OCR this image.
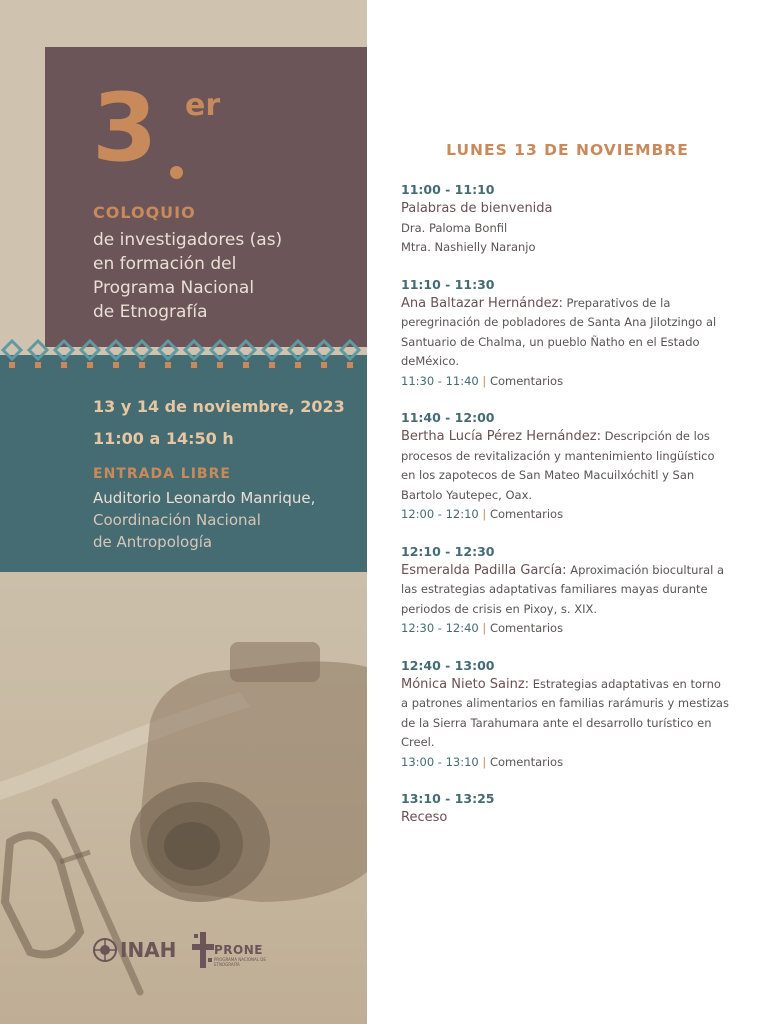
3 er
COLOQUIO
de investigadores (as)
en formación del
Programa Nacional
de Etnografía
13 y 14 de noviembre, 2023
11:00 a 14:50 h
ENTRADA LIBRE
Auditorio Leonardo Manrique,
Coordinación Nacional
de Antropología
INAH	PRONE
PROGRAMA NACIONAL DE ETNOGRAFÍA
LUNES 13 DE NOVIEMBRE
11:00 - 11:10
Palabras de bienvenida
Dra. Paloma Bonfil
Mtra. Nashielly Naranjo
11:10 - 11:30
Ana Baltazar Hernández: Preparativos de la peregrinación de pobladores de Santa Ana Jilotzingo al Santuario de Chalma, un pueblo Ñatho en el Estado deMéxico.
11:30 - 11:40 | Comentarios
11:40 - 12:00
Bertha Lucía Pérez Hernández: Descripción de los procesos de revitalización y mantenimiento lingüístico en los zapotecos de San Mateo Macuilxóchitl y San Bartolo Yautepec, Oax.
12:00 - 12:10 | Comentarios
12:10 - 12:30
Esmeralda Padilla García: Aproximación biocultural a las estrategias adaptativas familiares mayas durante periodos de crisis en Pixoy, s. XIX.
12:30 - 12:40 | Comentarios
12:40 - 13:00
Mónica Nieto Sainz: Estrategias adaptativas en torno a patrones alimentarios en familias rarámuris y mestizas de la Sierra Tarahumara ante el desarrollo turístico en Creel.
13:00 - 13:10 | Comentarios
13:10 - 13:25
Receso
